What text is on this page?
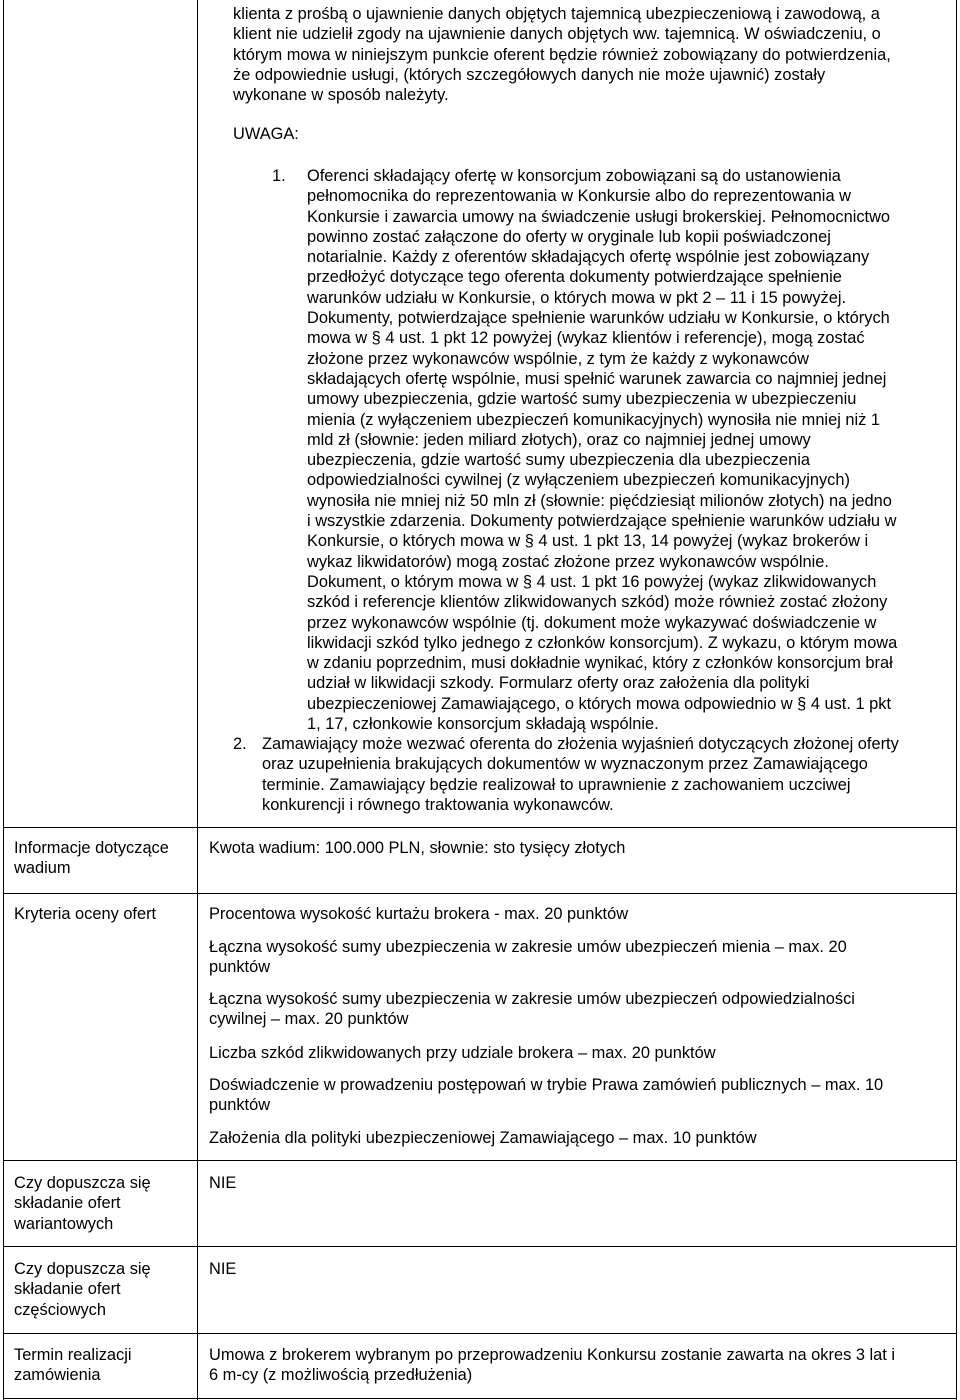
klienta z prośbą o ujawnienie danych objętych tajemnicą ubezpieczeniową i zawodową, a
klient nie udzielił zgody na ujawnienie danych objętych ww. tajemnicą. W oświadczeniu, o
którym mowa w niniejszym punkcie oferent będzie również zobowiązany do potwierdzenia,
że odpowiednie usługi, (których szczegółowych danych nie może ujawnić) zostały
wykonane w sposób należyty.
UWAGA:
1. Oferenci składający ofertę w konsorcjum zobowiązani są do ustanowienia
pełnomocnika do reprezentowania w Konkursie albo do reprezentowania w
Konkursie i zawarcia umowy na świadczenie usługi brokerskiej. Pełnomocnictwo
powinno zostać załączone do oferty w oryginale lub kopii poświadczonej
notarialnie. Każdy z oferentów składających ofertę wspólnie jest zobowiązany
przedłożyć dotyczące tego oferenta dokumenty potwierdzające spełnienie
warunków udziału w Konkursie, o których mowa w pkt 2 – 11 i 15 powyżej.
Dokumenty, potwierdzające spełnienie warunków udziału w Konkursie, o których
mowa w § 4 ust. 1 pkt 12 powyżej (wykaz klientów i referencje), mogą zostać
złożone przez wykonawców wspólnie, z tym że każdy z wykonawców
składających ofertę wspólnie, musi spełnić warunek zawarcia co najmniej jednej
umowy ubezpieczenia, gdzie wartość sumy ubezpieczenia w ubezpieczeniu
mienia (z wyłączeniem ubezpieczeń komunikacyjnych) wynosiła nie mniej niż 1
mld zł (słownie: jeden miliard złotych), oraz co najmniej jednej umowy
ubezpieczenia, gdzie wartość sumy ubezpieczenia dla ubezpieczenia
odpowiedzialności cywilnej (z wyłączeniem ubezpieczeń komunikacyjnych)
wynosiła nie mniej niż 50 mln zł (słownie: pięćdziesiąt milionów złotych) na jedno
i wszystkie zdarzenia. Dokumenty potwierdzające spełnienie warunków udziału w
Konkursie, o których mowa w § 4 ust. 1 pkt 13, 14 powyżej (wykaz brokerów i
wykaz likwidatorów) mogą zostać złożone przez wykonawców wspólnie.
Dokument, o którym mowa w § 4 ust. 1 pkt 16 powyżej (wykaz zlikwidowanych
szkód i referencje klientów zlikwidowanych szkód) może również zostać złożony
przez wykonawców wspólnie (tj. dokument może wykazywać doświadczenie w
likwidacji szkód tylko jednego z członków konsorcjum). Z wykazu, o którym mowa
w zdaniu poprzednim, musi dokładnie wynikać, który z członków konsorcjum brał
udział w likwidacji szkody. Formularz oferty oraz założenia dla polityki
ubezpieczeniowej Zamawiającego, o których mowa odpowiednio w § 4 ust. 1 pkt
1, 17, członkowie konsorcjum składają wspólnie.
2. Zamawiający może wezwać oferenta do złożenia wyjaśnień dotyczących złożonej oferty
oraz uzupełnienia brakujących dokumentów w wyznaczonym przez Zamawiającego
terminie. Zamawiający będzie realizował to uprawnienie z zachowaniem uczciwej
konkurencji i równego traktowania wykonawców.
Informacje dotyczące
wadium
Kwota wadium: 100.000 PLN, słownie: sto tysięcy złotych
Kryteria oceny ofert	Procentowa wysokość kurtażu brokera - max. 20 punktów
Łączna wysokość sumy ubezpieczenia w zakresie umów ubezpieczeń mienia – max. 20
punktów
Łączna wysokość sumy ubezpieczenia w zakresie umów ubezpieczeń odpowiedzialności
cywilnej – max. 20 punktów
Liczba szkód zlikwidowanych przy udziale brokera – max. 20 punktów
Doświadczenie w prowadzeniu postępowań w trybie Prawa zamówień publicznych – max. 10
punktów
Założenia dla polityki ubezpieczeniowej Zamawiającego – max. 10 punktów
Czy dopuszcza się
składanie ofert
wariantowych
NIE
Czy dopuszcza się
składanie ofert
częściowych
NIE
Termin realizacji
zamówienia
Umowa z brokerem wybranym po przeprowadzeniu Konkursu zostanie zawarta na okres 3 lat i
6 m-cy (z możliwością przedłużenia)
